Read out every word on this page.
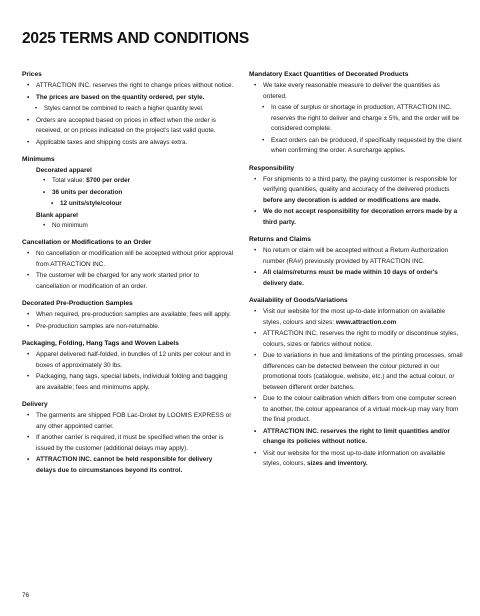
2025 TERMS AND CONDITIONS
Prices
• ATTRACTION INC. reserves the right to change prices without notice.
• The prices are based on the quantity ordered, per style.
• Styles cannot be combined to reach a higher quantity level.
• Orders are accepted based on prices in effect when the order is received, or on prices indicated on the project's last valid quote.
• Applicable taxes and shipping costs are always extra.
Minimums
Decorated apparel
• Total value: $700 per order
• 36 units per decoration
• 12 units/style/colour
Blank apparel
• No minimum
Cancellation or Modifications to an Order
• No cancellation or modification will be accepted without prior approval from ATTRACTION INC.
• The customer will be charged for any work started prior to cancellation or modification of an order.
Decorated Pre-Production Samples
• When required, pre-production samples are available; fees will apply.
• Pre-production samples are non-returnable.
Packaging, Folding, Hang Tags and Woven Labels
• Apparel delivered half-folded, in bundles of 12 units per colour and in boxes of approximately 30 lbs.
• Packaging, hang tags, special labels, individual folding and bagging are available; fees and minimums apply.
Delivery
• The garments are shipped FOB Lac-Drolet by LOOMIS EXPRESS or any other appointed carrier.
• If another carrier is required, it must be specified when the order is issued by the customer (additional delays may apply).
• ATTRACTION INC. cannot be held responsible for delivery delays due to circumstances beyond its control.
Mandatory Exact Quantities of Decorated Products
• We take every reasonable measure to deliver the quantities as ordered.
• In case of surplus or shortage in production, ATTRACTION INC. reserves the right to deliver and charge ± 5%, and the order will be considered complete.
• Exact orders can be produced, if specifically requested by the client when confirming the order. A surcharge applies.
Responsibility
• For shipments to a third party, the paying customer is responsible for verifying quantities, quality and accuracy of the delivered products before any decoration is added or modifications are made.
• We do not accept responsibility for decoration errors made by a third party.
Returns and Claims
• No return or claim will be accepted without a Return Authorization number (RA#) previously provided by ATTRACTION INC.
• All claims/returns must be made within 10 days of order's delivery date.
Availability of Goods/Variations
• Visit our website for the most up-to-date information on available styles, colours and sizes: www.attraction.com
• ATTRACTION INC. reserves the right to modify or discontinue styles, colours, sizes or fabrics without notice.
• Due to variations in hue and limitations of the printing processes, small differences can be detected between the colour pictured in our promotional tools (catalogue, website, etc.) and the actual colour, or between different order batches.
• Due to the colour calibration which differs from one computer screen to another, the colour appearance of a virtual mock-up may vary from the final product.
• ATTRACTION INC. reserves the right to limit quantities and/or change its policies without notice.
• Visit our website for the most up-to-date information on available styles, colours, sizes and inventory.
76
